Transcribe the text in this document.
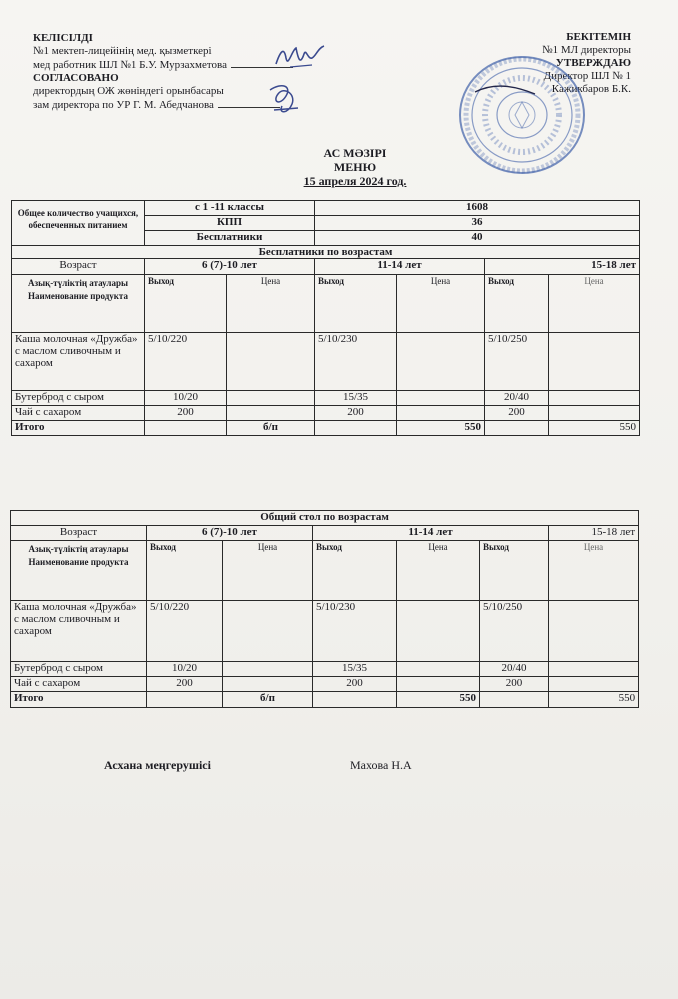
КЕЛІСІЛДІ
№1 мектеп-лицейінің мед. қызметкері
мед работник ШЛ №1 Б.У. Мурзахметова
СОГЛАСОВАНО
директордың ОЖ жөніндегі орынбасары
зам директора по УР Г. М. Абедчанова
БЕКІТЕМІН
№1 МЛ директоры
УТВЕРЖДАЮ
Директор ШЛ № 1
Кажикбаров Б.К.
АС МӘЗІРІ
МЕНЮ
15 апреля 2024 год.
Общее количество учащихся, обеспеченных питанием	с 1 -11 классы		1608			
	КПП		36			
	Бесплатники		40			
Бесплатники по возрастам						
Возраст	6 (7)-10 лет		11-14 лет		15-18 лет	
Азық-түліктің атаулары Наименование продукта	Выход	Цена	Выход	Цена	Выход	Цена
Каша молочная «Дружба» с маслом сливочным и сахаром	5/10/220		5/10/230		5/10/250	
Бутерброд с сыром	10/20		15/35		20/40	
Чай с сахаром	200		200		200	
Итого		б/п		550		550
Общий стол по возрастам						
Возраст	6 (7)-10 лет		11-14 лет			15-18 лет
Азық-түліктің атаулары Наименование продукта	Выход	Цена	Выход	Цена	Выход	Цена
Каша молочная «Дружба» с маслом сливочным и сахаром	5/10/220		5/10/230		5/10/250	
Бутерброд с сыром	10/20		15/35		20/40	
Чай с сахаром	200		200		200	
Итого		б/п		550		550
Асхана меңгерушісі	Махова Н.А
